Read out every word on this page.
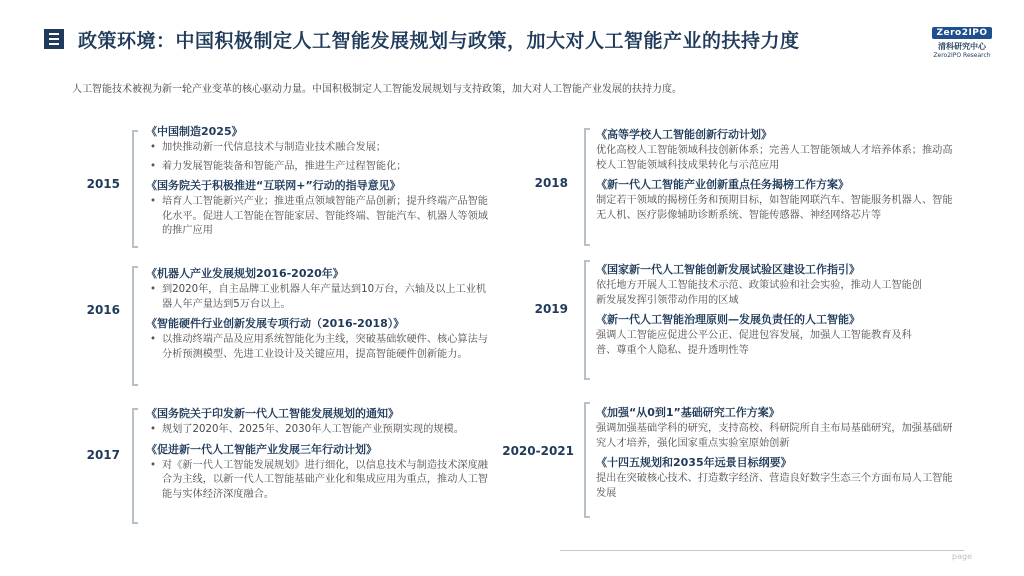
政策环境：中国积极制定人工智能发展规划与政策，加大对人工智能产业的扶持力度	Zero2IPO
清科研究中心
Zero2IPO Research
人工智能技术被视为新一轮产业变革的核心驱动力量。中国积极制定人工智能发展规划与支持政策，加大对人工智能产业发展的扶持力度。
2015
《中国制造2025》
• 加快推动新一代信息技术与制造业技术融合发展；
• 着力发展智能装备和智能产品，推进生产过程智能化；
《国务院关于积极推进“互联网+”行动的指导意见》
• 培育人工智能新兴产业；推进重点领域智能产品创新；提升终端产品智能化水平。促进人工智能在智能家居、智能终端、智能汽车、机器人等领域的推广应用
2016
《机器人产业发展规划2016-2020年》
• 到2020年，自主品牌工业机器人年产量达到10万台，六轴及以上工业机器人年产量达到5万台以上。
《智能硬件行业创新发展专项行动（2016-2018）》
• 以推动终端产品及应用系统智能化为主线，突破基础软硬件、核心算法与分析预测模型、先进工业设计及关键应用，提高智能硬件创新能力。
2017
《国务院关于印发新一代人工智能发展规划的通知》
• 规划了2020年、2025年、2030年人工智能产业预期实现的规模。
《促进新一代人工智能产业发展三年行动计划》
• 对《新一代人工智能发展规划》进行细化，以信息技术与制造技术深度融合为主线，以新一代人工智能基础产业化和集成应用为重点，推动人工智能与实体经济深度融合。
2018
《高等学校人工智能创新行动计划》
优化高校人工智能领域科技创新体系；完善人工智能领域人才培养体系；推动高校人工智能领域科技成果转化与示范应用
《新一代人工智能产业创新重点任务揭榜工作方案》
制定若干领域的揭榜任务和预期目标，如智能网联汽车、智能服务机器人、智能无人机、医疗影像辅助诊断系统、智能传感器、神经网络芯片等
2019
《国家新一代人工智能创新发展试验区建设工作指引》
依托地方开展人工智能技术示范、政策试验和社会实验，推动人工智能创新发展发挥引领带动作用的区域
《新一代人工智能治理原则—发展负责任的人工智能》
强调人工智能应促进公平公正、促进包容发展，加强人工智能教育及科普、尊重个人隐私、提升透明性等
2020-2021
《加强“从0到1”基础研究工作方案》
强调加强基础学科的研究，支持高校、科研院所自主布局基础研究，加强基础研究人才培养，强化国家重点实验室原始创新
《十四五规划和2035年远景目标纲要》
提出在突破核心技术、打造数字经济、营造良好数字生态三个方面布局人工智能发展
page
